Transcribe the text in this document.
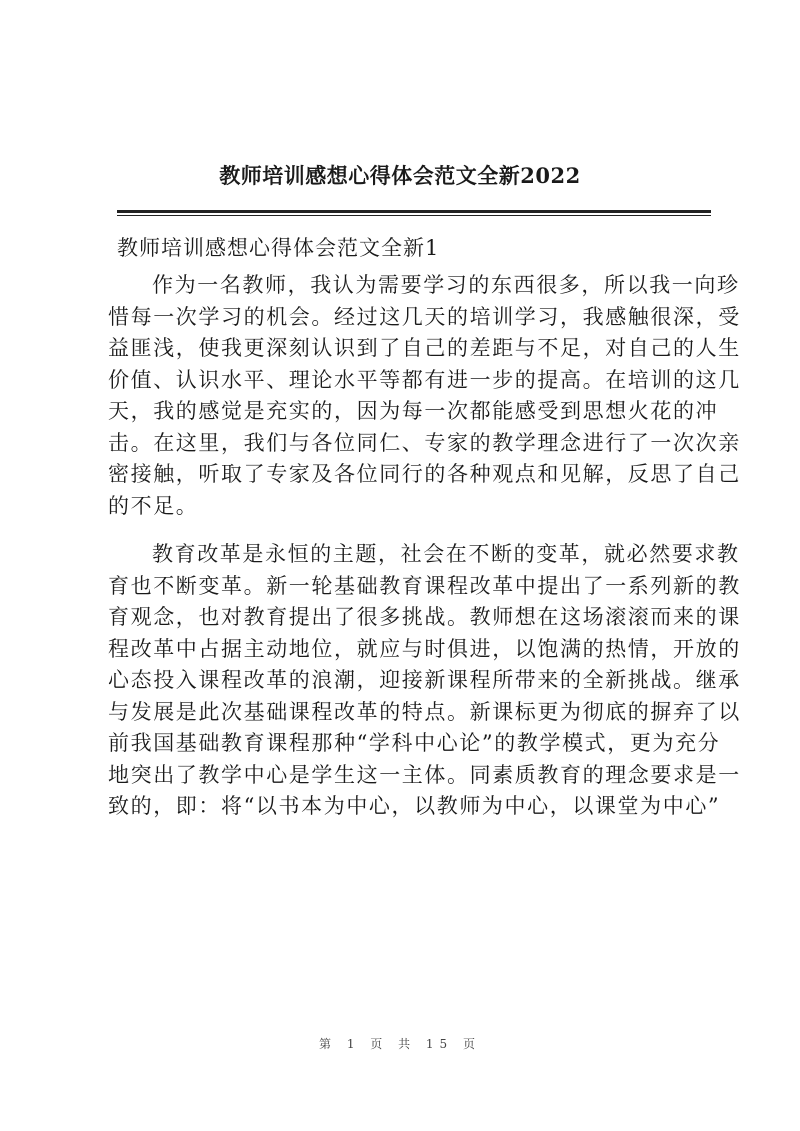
教师培训感想心得体会范文全新2022
教师培训感想心得体会范文全新1

作为一名教师，我认为需要学习的东西很多，所以我一向珍
惜每一次学习的机会。经过这几天的培训学习，我感触很深，受
益匪浅，使我更深刻认识到了自己的差距与不足，对自己的人生
价值、认识水平、理论水平等都有进一步的提高。在培训的这几
天，我的感觉是充实的，因为每一次都能感受到思想火花的冲
击。在这里，我们与各位同仁、专家的教学理念进行了一次次亲
密接触，听取了专家及各位同行的各种观点和见解，反思了自己
的不足。

教育改革是永恒的主题，社会在不断的变革，就必然要求教
育也不断变革。新一轮基础教育课程改革中提出了一系列新的教
育观念，也对教育提出了很多挑战。教师想在这场滚滚而来的课
程改革中占据主动地位，就应与时俱进，以饱满的热情，开放的
心态投入课程改革的浪潮，迎接新课程所带来的全新挑战。继承
与发展是此次基础课程改革的特点。新课标更为彻底的摒弃了以
前我国基础教育课程那种“学科中心论”的教学模式，更为充分
地突出了教学中心是学生这一主体。同素质教育的理念要求是一
致的，即：将“以书本为中心，以教师为中心，以课堂为中心”

第 1 页 共 15 页
